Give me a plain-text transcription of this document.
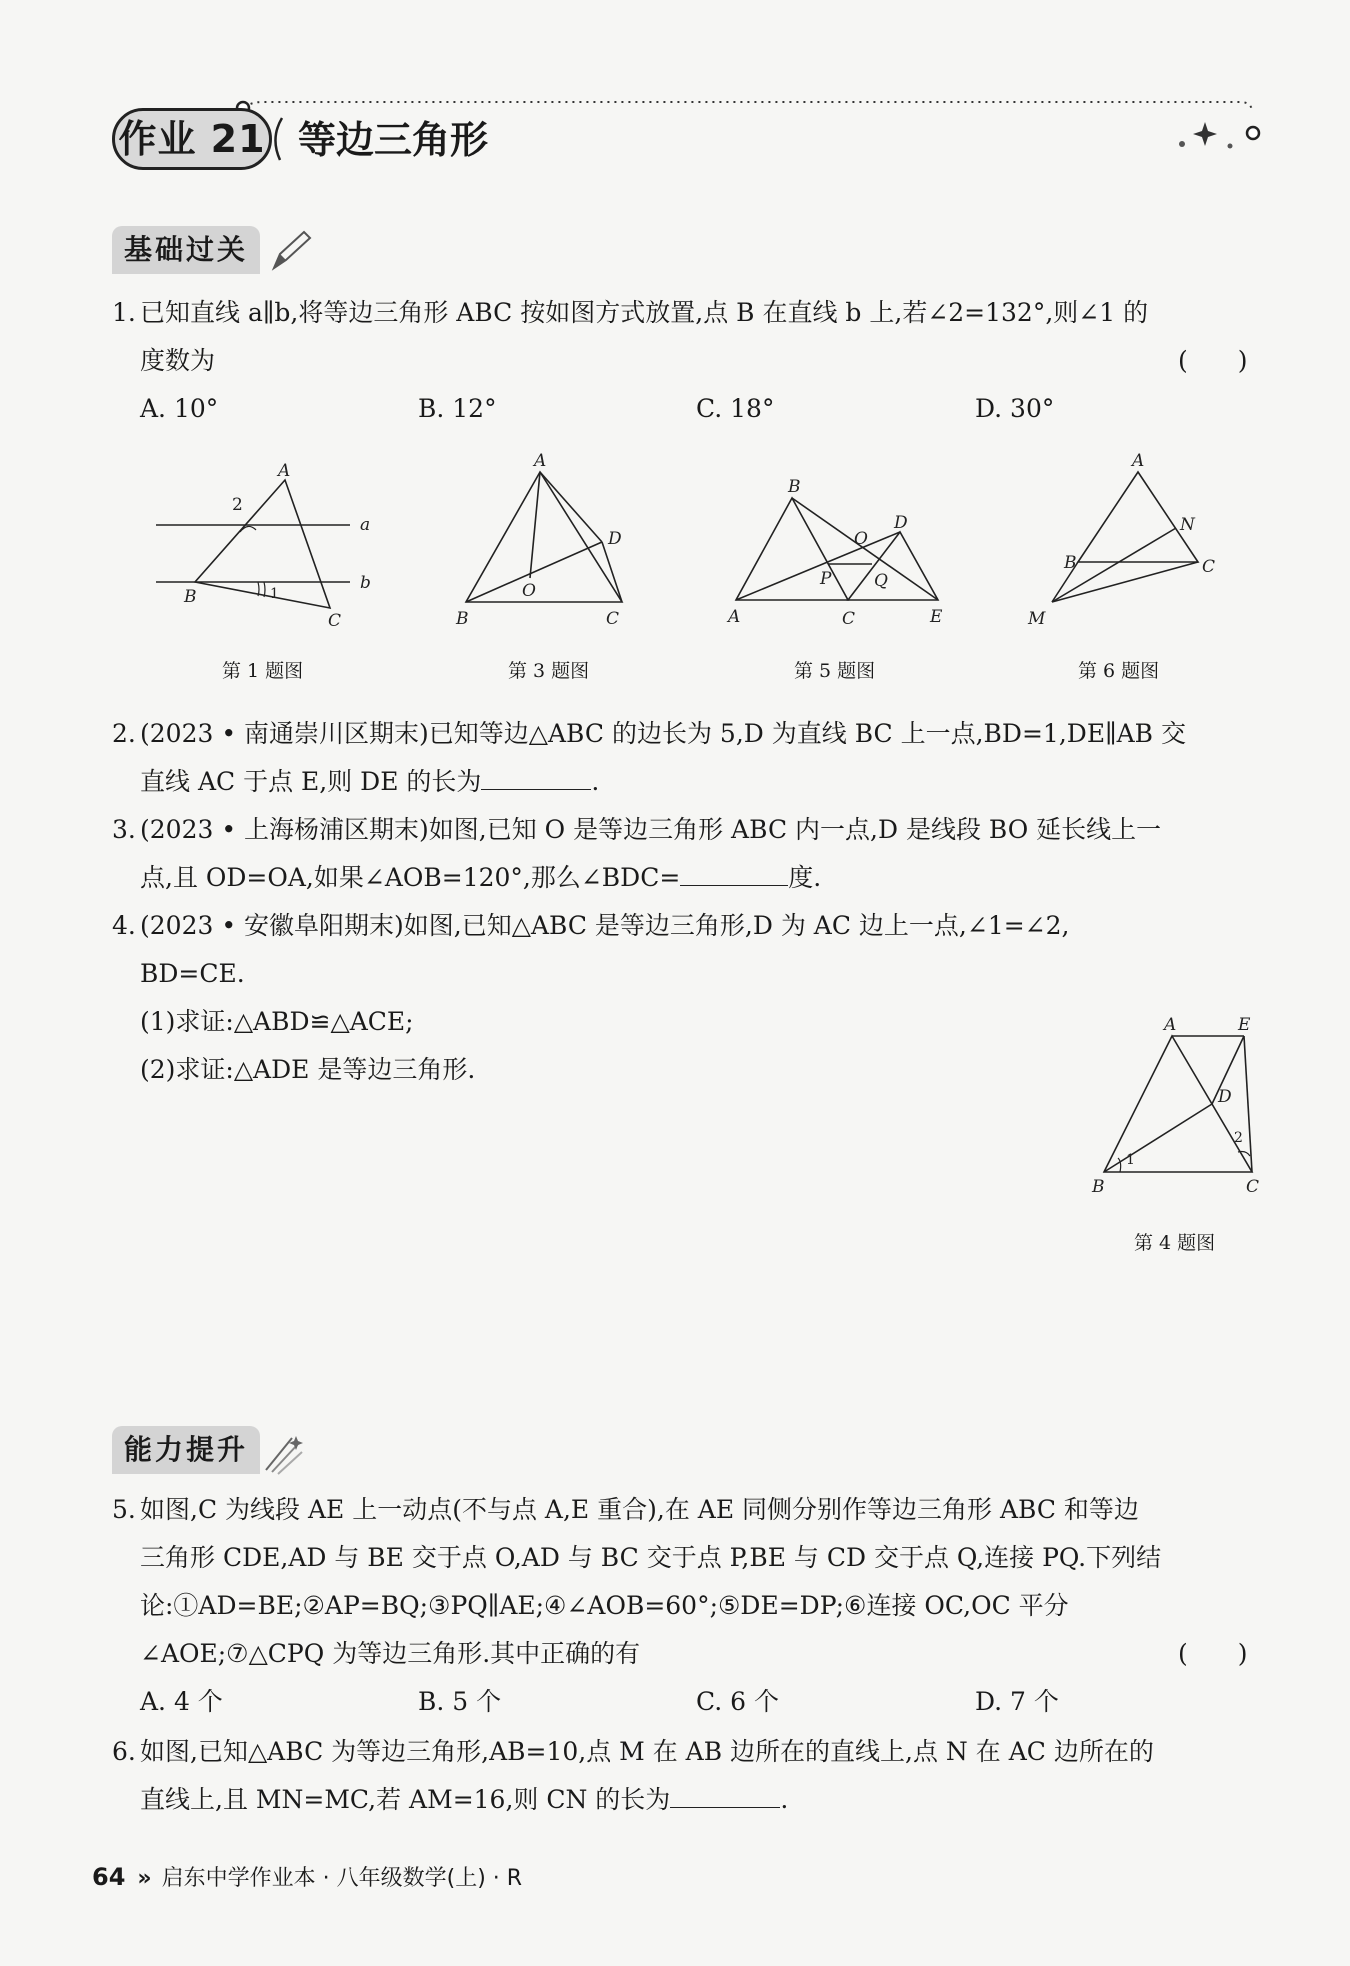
作业 21 等边三角形
基础过关
1. 已知直线 a∥b,将等边三角形 ABC 按如图方式放置,点 B 在直线 b 上,若∠2=132°,则∠1 的
度数为	(　　)
A. 10°	B. 12°	C. 18°	D. 30°
A
2
a
b
B	1
C
第 1 题图
A
D
O
B	C
第 3 题图
B
D
O
P	Q
A	C	E
第 5 题图
A
N
B	C
M
第 6 题图
2. (2023 • 南通崇川区期末)已知等边△ABC 的边长为 5,D 为直线 BC 上一点,BD=1,DE∥AB 交
直线 AC 于点 E,则 DE 的长为	.
3. (2023 • 上海杨浦区期末)如图,已知 O 是等边三角形 ABC 内一点,D 是线段 BO 延长线上一
点,且 OD=OA,如果∠AOB=120°,那么∠BDC=	度.
4. (2023 • 安徽阜阳期末)如图,已知△ABC 是等边三角形,D 为 AC 边上一点,∠1=∠2,
BD=CE.
(1)求证:△ABD≌△ACE;
(2)求证:△ADE 是等边三角形.
A	E
D
1
2
B	C
第 4 题图
能力提升
5. 如图,C 为线段 AE 上一动点(不与点 A,E 重合),在 AE 同侧分别作等边三角形 ABC 和等边
三角形 CDE,AD 与 BE 交于点 O,AD 与 BC 交于点 P,BE 与 CD 交于点 Q,连接 PQ.下列结
论:①AD=BE;②AP=BQ;③PQ∥AE;④∠AOB=60°;⑤DE=DP;⑥连接 OC,OC 平分
∠AOE;⑦△CPQ 为等边三角形.其中正确的有	(　　)
A. 4 个	B. 5 个	C. 6 个	D. 7 个
6. 如图,已知△ABC 为等边三角形,AB=10,点 M 在 AB 边所在的直线上,点 N 在 AC 边所在的
直线上,且 MN=MC,若 AM=16,则 CN 的长为	.
64 » 启东中学作业本 · 八年级数学(上) · R
